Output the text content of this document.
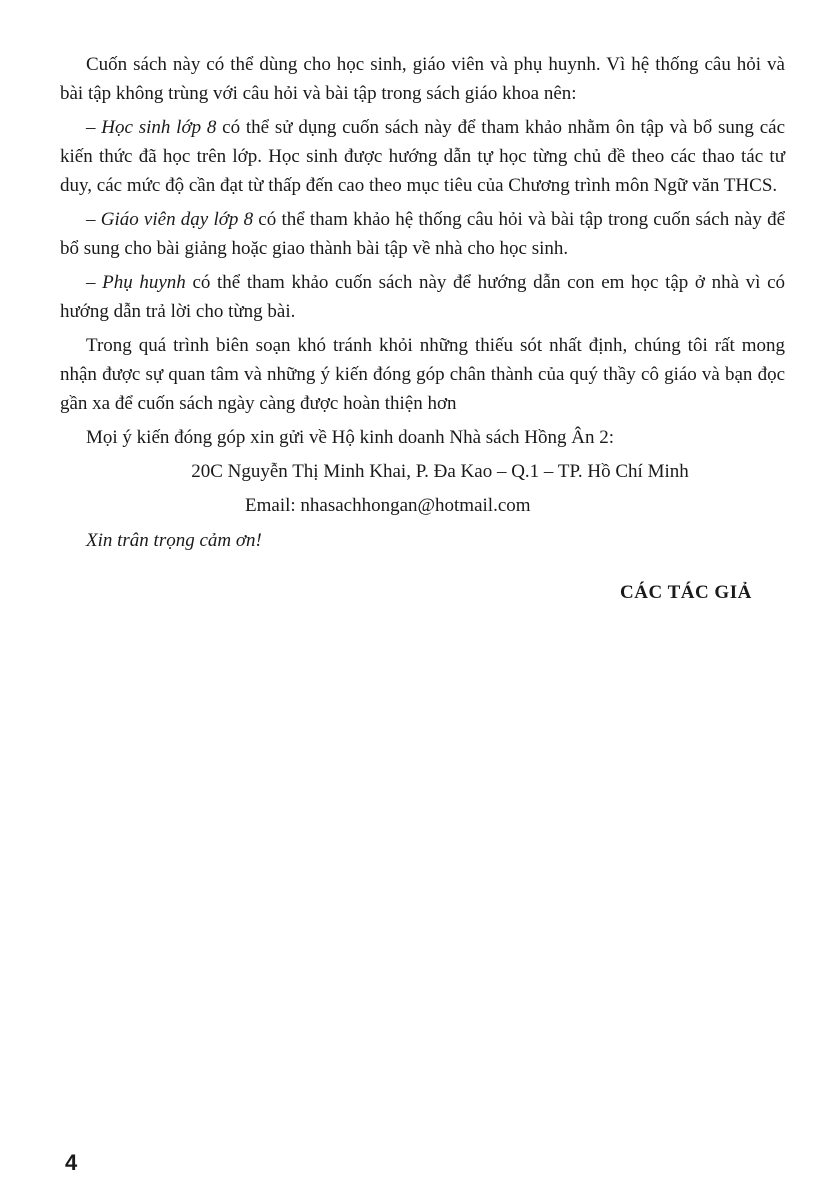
Cuốn sách này có thể dùng cho học sinh, giáo viên và phụ huynh. Vì hệ thống câu hỏi và bài tập không trùng với câu hỏi và bài tập trong sách giáo khoa nên:

– Học sinh lớp 8 có thể sử dụng cuốn sách này để tham khảo nhằm ôn tập và bổ sung các kiến thức đã học trên lớp. Học sinh được hướng dẫn tự học từng chủ đề theo các thao tác tư duy, các mức độ cần đạt từ thấp đến cao theo mục tiêu của Chương trình môn Ngữ văn THCS.

– Giáo viên dạy lớp 8 có thể tham khảo hệ thống câu hỏi và bài tập trong cuốn sách này để bổ sung cho bài giảng hoặc giao thành bài tập về nhà cho học sinh.

– Phụ huynh có thể tham khảo cuốn sách này để hướng dẫn con em học tập ở nhà vì có hướng dẫn trả lời cho từng bài.

Trong quá trình biên soạn khó tránh khỏi những thiếu sót nhất định, chúng tôi rất mong nhận được sự quan tâm và những ý kiến đóng góp chân thành của quý thầy cô giáo và bạn đọc gần xa để cuốn sách ngày càng được hoàn thiện hơn

Mọi ý kiến đóng góp xin gửi về Hộ kinh doanh Nhà sách Hồng Ân 2:

20C Nguyễn Thị Minh Khai, P. Đa Kao – Q.1 – TP. Hồ Chí Minh
Email: nhasachhongan@hotmail.com

Xin trân trọng cảm ơn!

CÁC TÁC GIẢ
4
